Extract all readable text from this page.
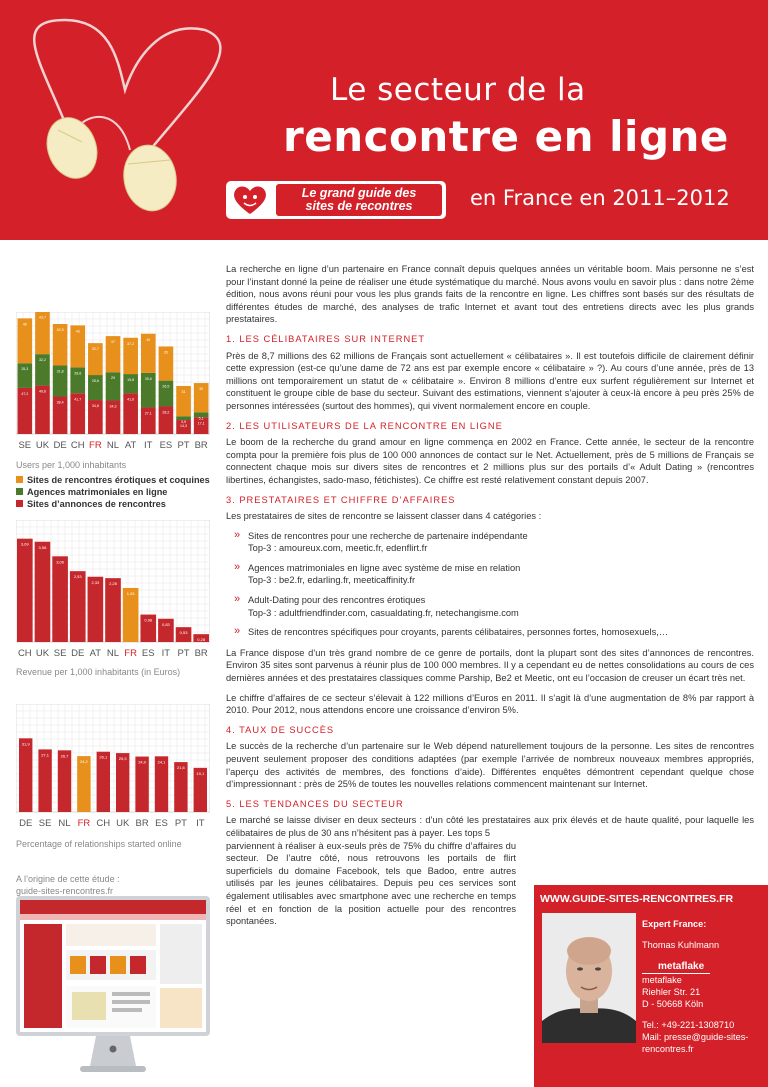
Le secteur de la
rencontre en ligne
Le grand guide des
sites de recontres	en France en 2011–2012
47,2
25,3
46
49,6
32,2
43,7
38,4
31,8
42,5
41,7
26,6
43
34,8
25,6
32,7
34,3
29
37
41,6
19,8
37,2
27,1
35,6
40
28,2
26,5
35
14,3
3,9
31
17,1
5,1
30
SE UK DE CH FR NL AT IT ES PT BR
Users per 1,000 inhabitants
Sites de rencontres érotiques et coquines
Agences matrimoniales en ligne
Sites d’annonces de rencontres
3,69
3,58
3,06
2,53
2,33 2,28
1,93
0,98
0,83
0,53
0,28
CH UK SE DE AT NL FR ES IT PT BR
Revenue per 1,000 inhabitants (in Euros)
31,9
27,1	26,7
24,2
26,1	25,5
24,0	24,1
21,6
19,1
DE SE NL FR CH UK BR ES PT IT
Percentage of relationships started online
A l’origine de cette étude :
guide-sites-rencontres.fr

La recherche en ligne d’un partenaire en France connaît depuis quelques années un véritable boom. Mais personne ne s’est pour l’instant donné la peine de réaliser une étude systématique du marché. Nous avons voulu en savoir plus : dans notre 2ème édition, nous avons réuni pour vous les plus grands faits de la rencontre en ligne. Les chiffres sont basés sur des résultats de différentes études de marché, des analyses de trafic Internet et avant tout des entretiens directs avec les plus grands prestataires.

1. LES CÉLIBATAIRES SUR INTERNET

Près de 8,7 millions des 62 millions de Français sont actuellement « célibataires ». Il est toutefois difficile de clairement définir cette expression (est-ce qu’une dame de 72 ans est par exemple encore « célibataire » ?). Au cours d’une année, près de 13 millions ont temporairement un statut de « célibataire ». Environ 8 millions d’entre eux surfent régulièrement sur Internet et constituent le groupe cible de base du secteur. Suivant des estimations, viennent s’ajouter à ceux-là encore à peu près 25% de personnes intéressées (surtout des hommes), qui vivent normalement encore en couple.

2. LES UTILISATEURS DE LA RENCONTRE EN LIGNE

Le boom de la recherche du grand amour en ligne commença en 2002 en France. Cette année, le secteur de la rencontre compta pour la première fois plus de 100 000 annonces de contact sur le Net. Actuellement, près de 5 millions de Français se connectent chaque mois sur divers sites de rencontres et 2 millions plus sur des portails d’« Adult Dating » (rencontres libertines, échangistes, sado-maso, fétichistes). Ce chiffre est resté relativement constant depuis 2007.

3. PRESTATAIRES ET CHIFFRE D’AFFAIRES

Les prestataires de sites de rencontre se laissent classer dans 4 catégories :

» Sites de rencontres pour une recherche de partenaire indépendante
Top-3 : amoureux.com, meetic.fr, edenflirt.fr
» Agences matrimoniales en ligne avec système de mise en relation
Top-3 : be2.fr, edarling.fr, meeticaffinity.fr
» Adult-Dating pour des rencontres érotiques
Top-3 : adultfriendfinder.com, casualdating.fr, netechangisme.com
» Sites de rencontres spécifiques pour croyants, parents célibataires, personnes fortes, homosexuels,…

La France dispose d’un très grand nombre de ce genre de portails, dont la plupart sont des sites d’annonces de rencontres. Environ 35 sites sont parvenus à réunir plus de 100 000 membres. Il y a cependant eu de nettes consolidations au cours de ces dernières années et des prestataires classiques comme Parship, Be2 et Meetic, ont eu l’occasion de creuser un écart très net.

Le chiffre d’affaires de ce secteur s’élevait à 122 millions d’Euros en 2011. Il s’agit là d’une augmentation de 8% par rapport à 2010. Pour 2012, nous attendons encore une croissance d’environ 5%.

4. TAUX DE SUCCÈS

Le succès de la recherche d’un partenaire sur le Web dépend naturellement toujours de la personne. Les sites de rencontres peuvent seulement proposer des conditions adaptées (par exemple l’arrivée de nombreux nouveaux membres appropriés, l’aperçu des activités de membres, des fonctions d’aide). Différentes enquêtes démontrent cependant quelque chose d’impressionnant : près de 25% de toutes les nouvelles relations commencent maintenant sur Internet.

5. LES TENDANCES DU SECTEUR

Le marché se laisse diviser en deux secteurs : d’un côté les prestataires aux prix élevés et de haute qualité, pour laquelle les célibataires de plus de 30 ans n’hésitent pas à payer. Les tops 5

parviennent à réaliser à eux-seuls près de 75% du chiffre d’affaires du secteur. De l’autre côté, nous retrouvons les portails de flirt superficiels du domaine Facebook, tels que Badoo, entre autres utilisés par les jeunes célibataires. Depuis peu ces services sont également utilisables avec smartphone avec une recherche en temps réel et en fonction de la position actuelle pour des rencontres spontanées.

WWW.GUIDE-SITES-RENCONTRES.FR
Expert France:
Thomas Kuhlmann
metaflake
metaflake
Riehler Str. 21
D - 50668 Köln
Tel.: +49-221-1308710
Mail: presse@guide-sites-
rencontres.fr
